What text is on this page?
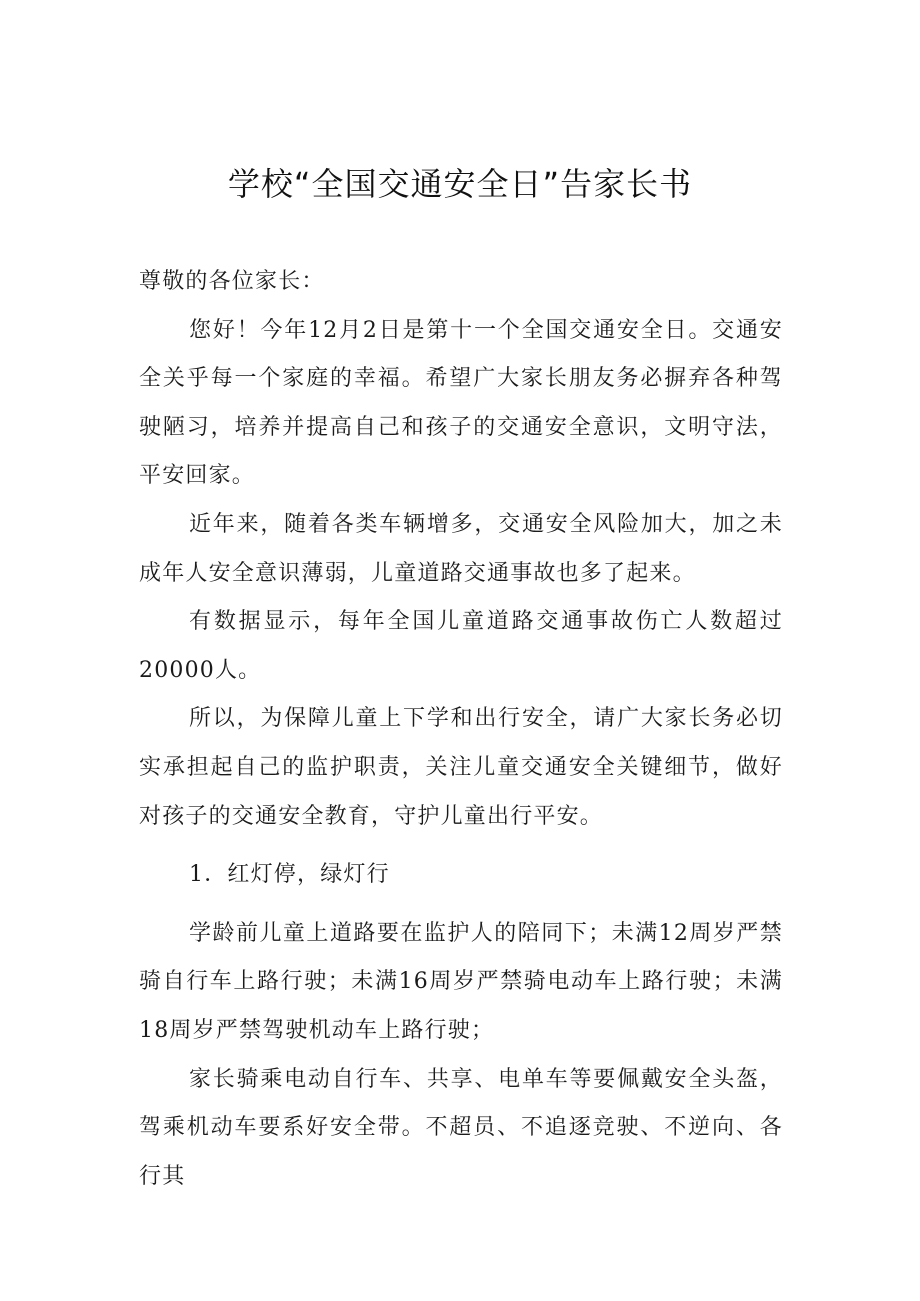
学校“全国交通安全日”告家长书

尊敬的各位家长：

您好！今年12月2日是第十一个全国交通安全日。交通安全关乎每一个家庭的幸福。希望广大家长朋友务必摒弃各种驾驶陋习，培养并提高自己和孩子的交通安全意识，文明守法，平安回家。

近年来，随着各类车辆增多，交通安全风险加大，加之未成年人安全意识薄弱，儿童道路交通事故也多了起来。

有数据显示，每年全国儿童道路交通事故伤亡人数超过20000人。

所以，为保障儿童上下学和出行安全，请广大家长务必切实承担起自己的监护职责，关注儿童交通安全关键细节，做好对孩子的交通安全教育，守护儿童出行平安。

1．红灯停，绿灯行

学龄前儿童上道路要在监护人的陪同下；未满12周岁严禁骑自行车上路行驶；未满16周岁严禁骑电动车上路行驶；未满18周岁严禁驾驶机动车上路行驶；

家长骑乘电动自行车、共享、电单车等要佩戴安全头盔，驾乘机动车要系好安全带。不超员、不追逐竞驶、不逆向、各行其
